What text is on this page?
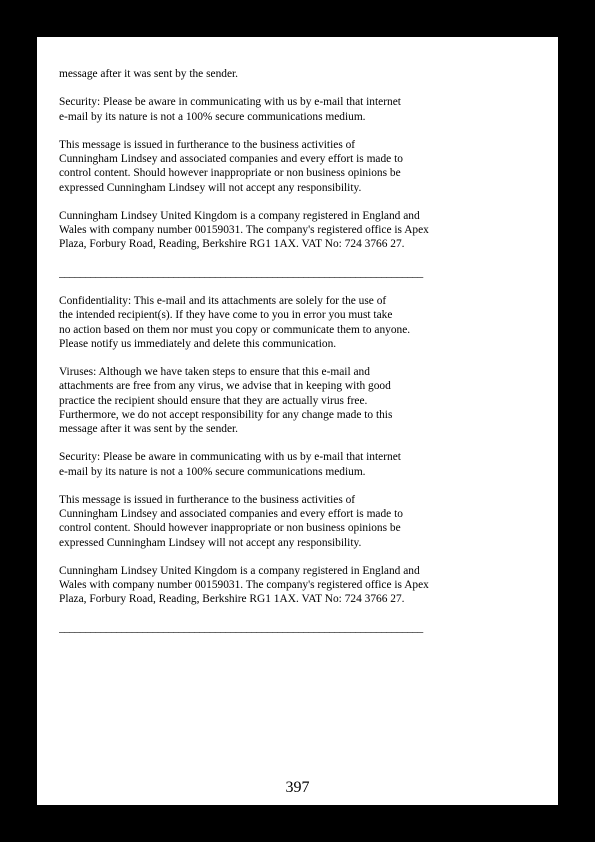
message after it was sent by the sender.

Security: Please be aware in communicating with us by e-mail that internet
e-mail by its nature is not a 100% secure communications medium.

This message is issued in furtherance to the business activities of
Cunningham Lindsey and associated companies and every effort is made to
control content. Should however inappropriate or non business opinions be
expressed Cunningham Lindsey will not accept any responsibility.

Cunningham Lindsey United Kingdom is a company registered in England and
Wales with company number 00159031. The company's registered office is Apex
Plaza, Forbury Road, Reading, Berkshire RG1 1AX. VAT No: 724 3766 27.

______________________________________________________________________

Confidentiality: This e-mail and its attachments are solely for the use of
the intended recipient(s). If they have come to you in error you must take
no action based on them nor must you copy or communicate them to anyone.
Please notify us immediately and delete this communication.

Viruses: Although we have taken steps to ensure that this e-mail and
attachments are free from any virus, we advise that in keeping with good
practice the recipient should ensure that they are actually virus free.
Furthermore, we do not accept responsibility for any change made to this
message after it was sent by the sender.

Security: Please be aware in communicating with us by e-mail that internet
e-mail by its nature is not a 100% secure communications medium.

This message is issued in furtherance to the business activities of
Cunningham Lindsey and associated companies and every effort is made to
control content. Should however inappropriate or non business opinions be
expressed Cunningham Lindsey will not accept any responsibility.

Cunningham Lindsey United Kingdom is a company registered in England and
Wales with company number 00159031. The company's registered office is Apex
Plaza, Forbury Road, Reading, Berkshire RG1 1AX. VAT No: 724 3766 27.

______________________________________________________________________

397
